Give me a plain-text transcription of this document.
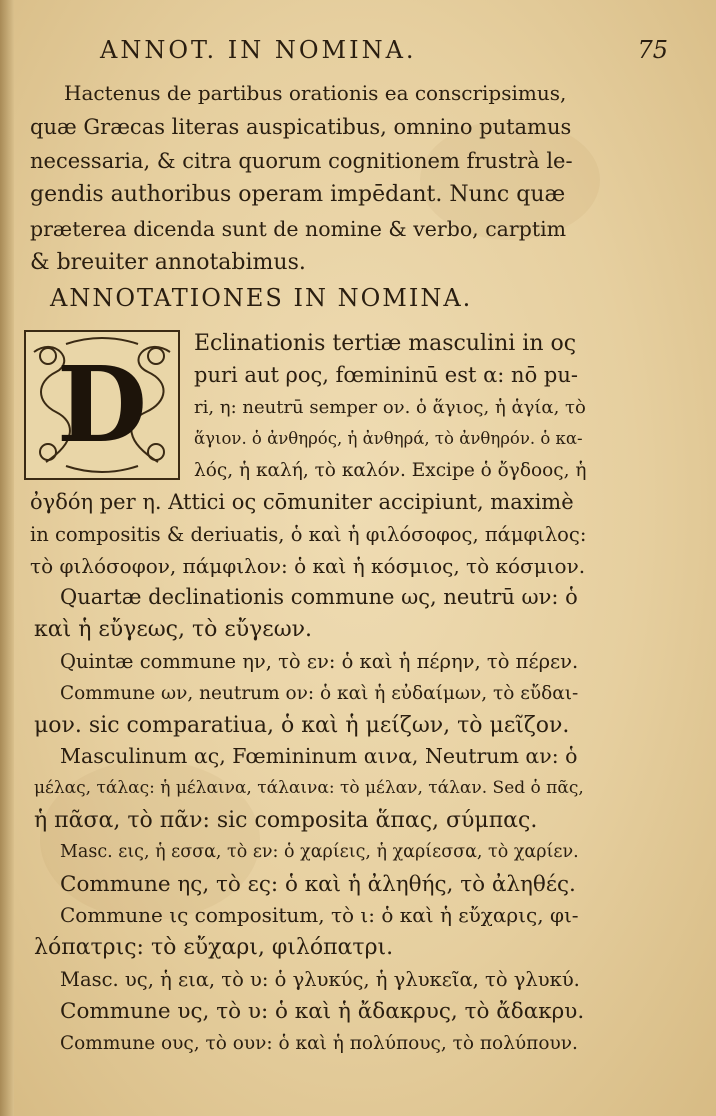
ANNOT. IN NOMINA.	75
Hactenus de partibus orationis ea conscripsimus,
quæ Græcas literas auspicatibus, omnino putamus
necessaria, & citra quorum cognitionem frustrà le-
gendis authoribus operam impēdant. Nunc quæ
præterea dicenda sunt de nomine & verbo, carptim
& breuiter annotabimus.
ANNOTATIONES IN NOMINA.
D	Eclinationis tertiæ masculini in ος
puri aut ρος, fœmininū est α: nō pu-
ri, η: neutrū semper ον. ὁ ἅγιος, ἡ ἁγία, τὸ
ἅγιον. ὁ ἀνθηρός, ἡ ἀνθηρά, τὸ ἀνθηρόν. ὁ κα-
λός, ἡ καλή, τὸ καλόν. Excipe ὁ ὄγδοος, ἡ
ὀγδόη per η. Attici ος cōmuniter accipiunt, maximè
in compositis & deriuatis, ὁ καὶ ἡ φιλόσοφος, πάμφιλος:
τὸ φιλόσοφον, πάμφιλον: ὁ καὶ ἡ κόσμιος, τὸ κόσμιον.
Quartæ declinationis commune ως, neutrū ων: ὁ
καὶ ἡ εὔγεως, τὸ εὔγεων.
Quintæ commune ην, τὸ εν: ὁ καὶ ἡ πέρην, τὸ πέρεν.
Commune ων, neutrum ον: ὁ καὶ ἡ εὐδαίμων, τὸ εὔδαι-
μον. sic comparatiua, ὁ καὶ ἡ μείζων, τὸ μεῖζον.
Masculinum ας, Fœmininum αινα, Neutrum αν: ὁ
μέλας, τάλας: ἡ μέλαινα, τάλαινα: τὸ μέλαν, τάλαν. Sed ὁ πᾶς,
ἡ πᾶσα, τὸ πᾶν: sic composita ἅπας, σύμπας.
Masc. εις, ἡ εσσα, τὸ εν: ὁ χαρίεις, ἡ χαρίεσσα, τὸ χαρίεν.
Commune ης, τὸ ες: ὁ καὶ ἡ ἀληθής, τὸ ἀληθές.
Commune ις compositum, τὸ ι: ὁ καὶ ἡ εὔχαρις, φι-
λόπατρις: τὸ εὔχαρι, φιλόπατρι.
Masc. υς, ἡ εια, τὸ υ: ὁ γλυκύς, ἡ γλυκεῖα, τὸ γλυκύ.
Commune υς, τὸ υ: ὁ καὶ ἡ ἄδακρυς, τὸ ἄδακρυ.
Commune ους, τὸ ουν: ὁ καὶ ἡ πολύπους, τὸ πολύπουν.
